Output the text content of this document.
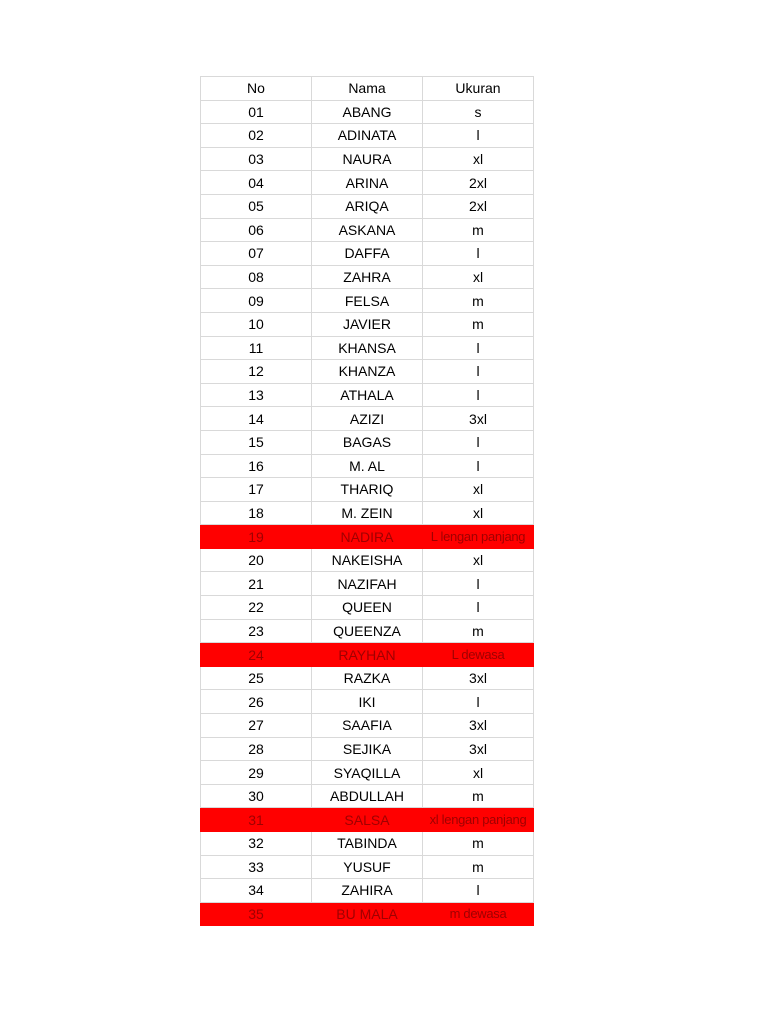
No	Nama	Ukuran
01	ABANG	s
02	ADINATA	l
03	NAURA	xl
04	ARINA	2xl
05	ARIQA	2xl
06	ASKANA	m
07	DAFFA	l
08	ZAHRA	xl
09	FELSA	m
10	JAVIER	m
11	KHANSA	l
12	KHANZA	l
13	ATHALA	l
14	AZIZI	3xl
15	BAGAS	l
16	M. AL	l
17	THARIQ	xl
18	M. ZEIN	xl
19	NADIRA	L lengan panjang
20	NAKEISHA	xl
21	NAZIFAH	l
22	QUEEN	l
23	QUEENZA	m
24	RAYHAN	L dewasa
25	RAZKA	3xl
26	IKI	l
27	SAAFIA	3xl
28	SEJIKA	3xl
29	SYAQILLA	xl
30	ABDULLAH	m
31	SALSA	xl lengan panjang
32	TABINDA	m
33	YUSUF	m
34	ZAHIRA	l
35	BU MALA	m dewasa
